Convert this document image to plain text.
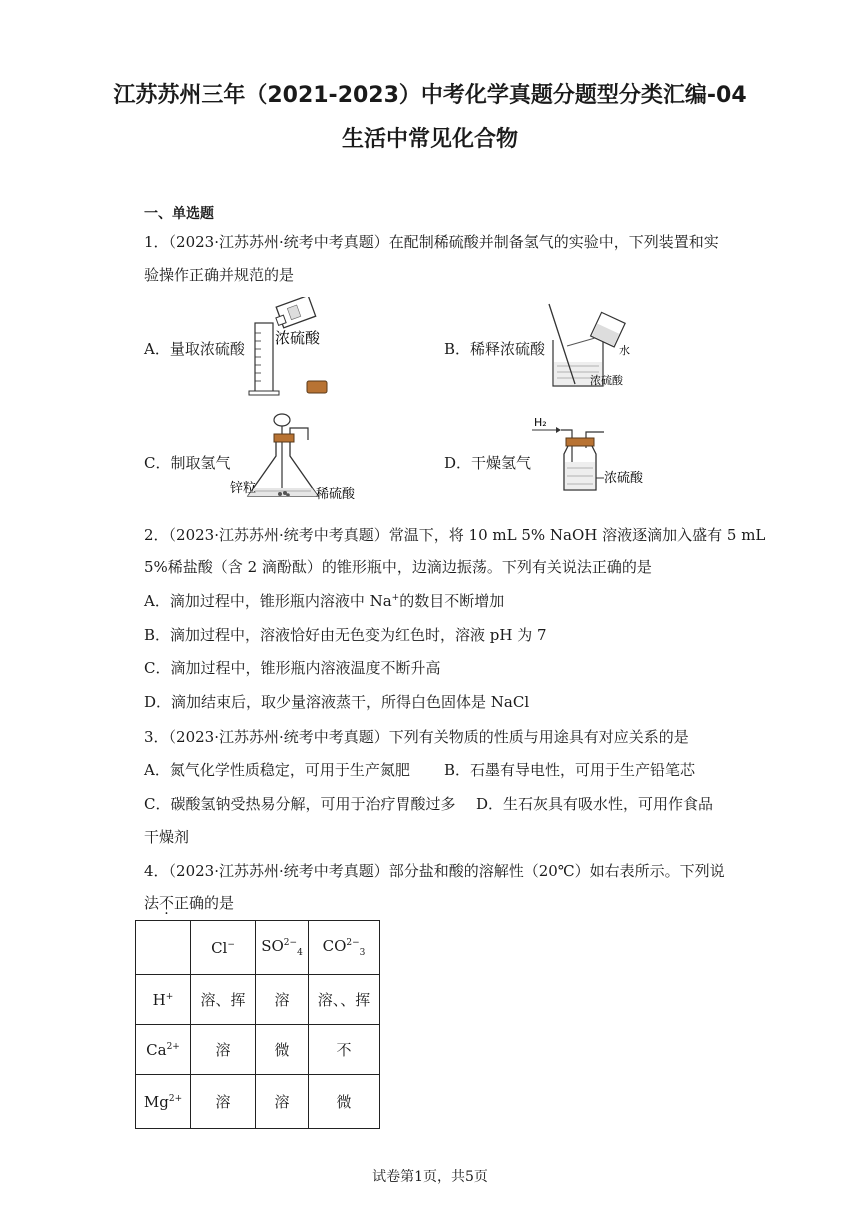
江苏苏州三年（2021-2023）中考化学真题分题型分类汇编-04
生活中常见化合物
一、单选题
1．（2023·江苏苏州·统考中考真题）在配制稀硫酸并制备氢气的实验中，下列装置和实
验操作正确并规范的是
A．量取浓硫酸
浓硫酸
B．稀释浓硫酸	水
浓硫酸
C．制取氢气
锌粒	稀硫酸
D．干燥氢气
H₂
浓硫酸
2．（2023·江苏苏州·统考中考真题）常温下，将 10 mL 5% NaOH 溶液逐滴加入盛有 5 mL
5%稀盐酸（含 2 滴酚酞）的锥形瓶中，边滴边振荡。下列有关说法正确的是
A．滴加过程中，锥形瓶内溶液中 Na+的数目不断增加
B．滴加过程中，溶液恰好由无色变为红色时，溶液 pH 为 7
C．滴加过程中，锥形瓶内溶液温度不断升高
D．滴加结束后，取少量溶液蒸干，所得白色固体是 NaCl
3．（2023·江苏苏州·统考中考真题）下列有关物质的性质与用途具有对应关系的是
A．氮气化学性质稳定，可用于生产氮肥 B．石墨有导电性，可用于生产铅笔芯
C．碳酸氢钠受热易分解，可用于治疗胃酸过多 D．生石灰具有吸水性，可用作食品
干燥剂
4．（2023·江苏苏州·统考中考真题）部分盐和酸的溶解性（20℃）如右表所示。下列说
法不正确的是
	Cl−	$SO^{2-}_4$	$CO^{2-}_3$
H+	溶、挥	溶	溶、、挥
$Ca^{2+}$	溶	微	不
$Mg^{2+}$	溶	溶	微
试卷第1页，共5页
